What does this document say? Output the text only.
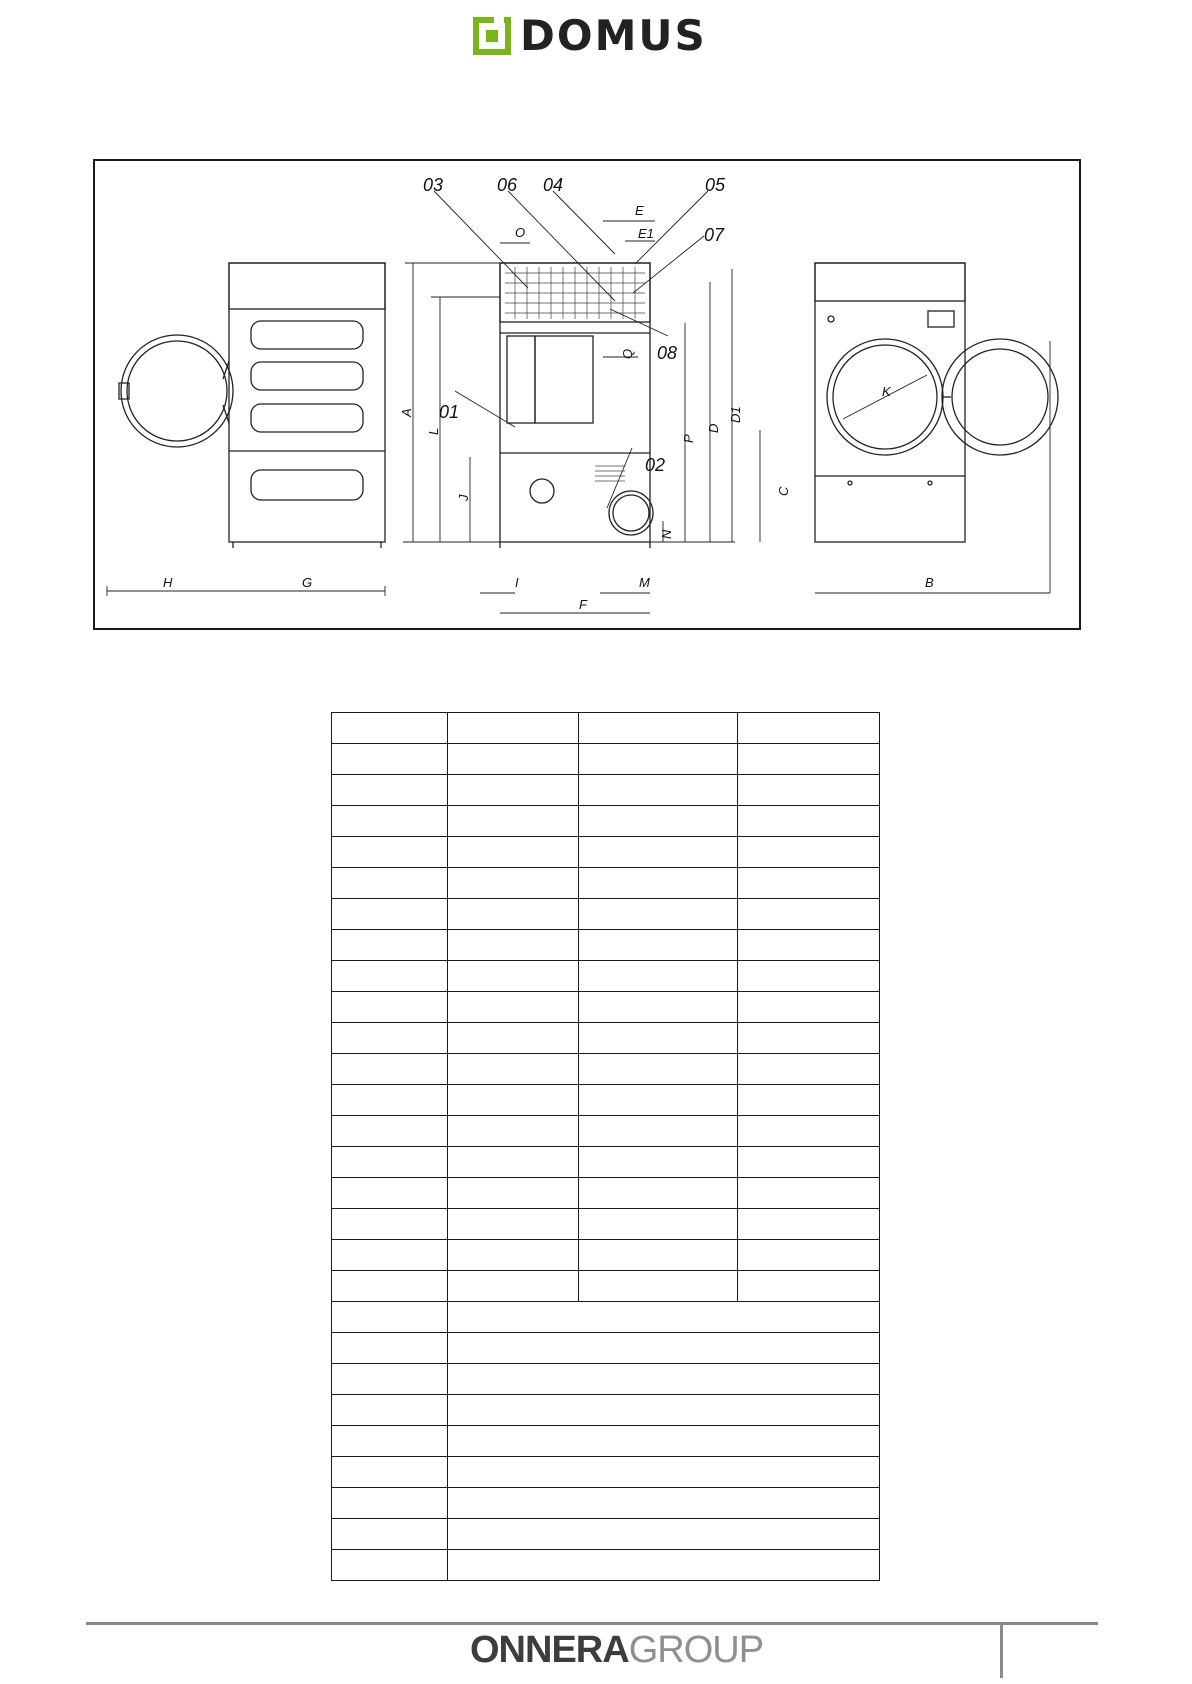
DOMUS
03	06 04	05
07
08
01
02
H	G
A
L
J
I	M
F
N
P
D
D1
E
E1
O
Q
C
K
B

ONNERAGROUP
